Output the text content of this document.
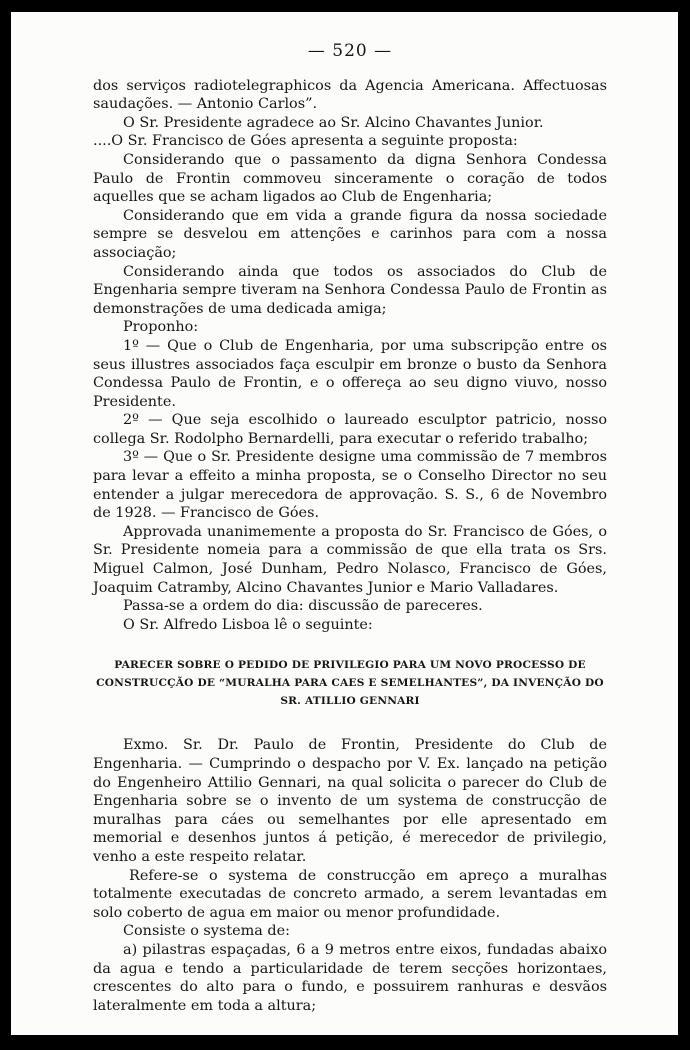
— 520 —

dos serviços radiotelegraphicos da Agencia Americana. Affectuosas saudações. — Antonio Carlos”.

O Sr. Presidente agradece ao Sr. Alcino Chavantes Junior.

....O Sr. Francisco de Góes apresenta a seguinte proposta:

Considerando que o passamento da digna Senhora Condessa Paulo de Frontin commoveu sinceramente o coração de todos aquelles que se acham ligados ao Club de Engenharia;

Considerando que em vida a grande figura da nossa sociedade sempre se desvelou em attenções e carinhos para com a nossa associação;

Considerando ainda que todos os associados do Club de Engenharia sempre tiveram na Senhora Condessa Paulo de Frontin as demonstrações de uma dedicada amiga;

Proponho:

1º — Que o Club de Engenharia, por uma subscripção entre os seus illustres associados faça esculpir em bronze o busto da Senhora Condessa Paulo de Frontin, e o offereça ao seu digno viuvo, nosso Presidente.

2º — Que seja escolhido o laureado esculptor patricio, nosso collega Sr. Rodolpho Bernardelli, para executar o referido trabalho;

3º — Que o Sr. Presidente designe uma commissão de 7 membros para levar a effeito a minha proposta, se o Conselho Director no seu entender a julgar merecedora de approvação. S. S., 6 de Novembro de 1928. — Francisco de Góes.

Approvada unanimemente a proposta do Sr. Francisco de Góes, o Sr. Presidente nomeia para a commissão de que ella trata os Srs. Miguel Calmon, José Dunham, Pedro Nolasco, Francisco de Góes, Joaquim Catramby, Alcino Chavantes Junior e Mario Valladares.

Passa-se a ordem do dia: discussão de pareceres.

O Sr. Alfredo Lisboa lê o seguinte:

PARECER SOBRE O PEDIDO DE PRIVILEGIO PARA UM NOVO PROCESSO DE
CONSTRUCÇÃO DE “MURALHA PARA CAES E SEMELHANTES”, DA INVENÇÃO DO SR. ATILLIO GENNARI

Exmo. Sr. Dr. Paulo de Frontin, Presidente do Club de Engenharia. — Cumprindo o despacho por V. Ex. lançado na petição do Engenheiro Attilio Gennari, na qual solicita o parecer do Club de Engenharia sobre se o invento de um systema de construcção de muralhas para cáes ou semelhantes por elle apresentado em memorial e desenhos juntos á petição, é merecedor de privilegio, venho a este respeito relatar.

Refere-se o systema de construcção em apreço a muralhas totalmente executadas de concreto armado, a serem levantadas em solo coberto de agua em maior ou menor profundidade.

Consiste o systema de:

a) pilastras espaçadas, 6 a 9 metros entre eixos, fundadas abaixo da agua e tendo a particularidade de terem secções horizontaes, crescentes do alto para o fundo, e possuirem ranhuras e desvãos lateralmente em toda a altura;
